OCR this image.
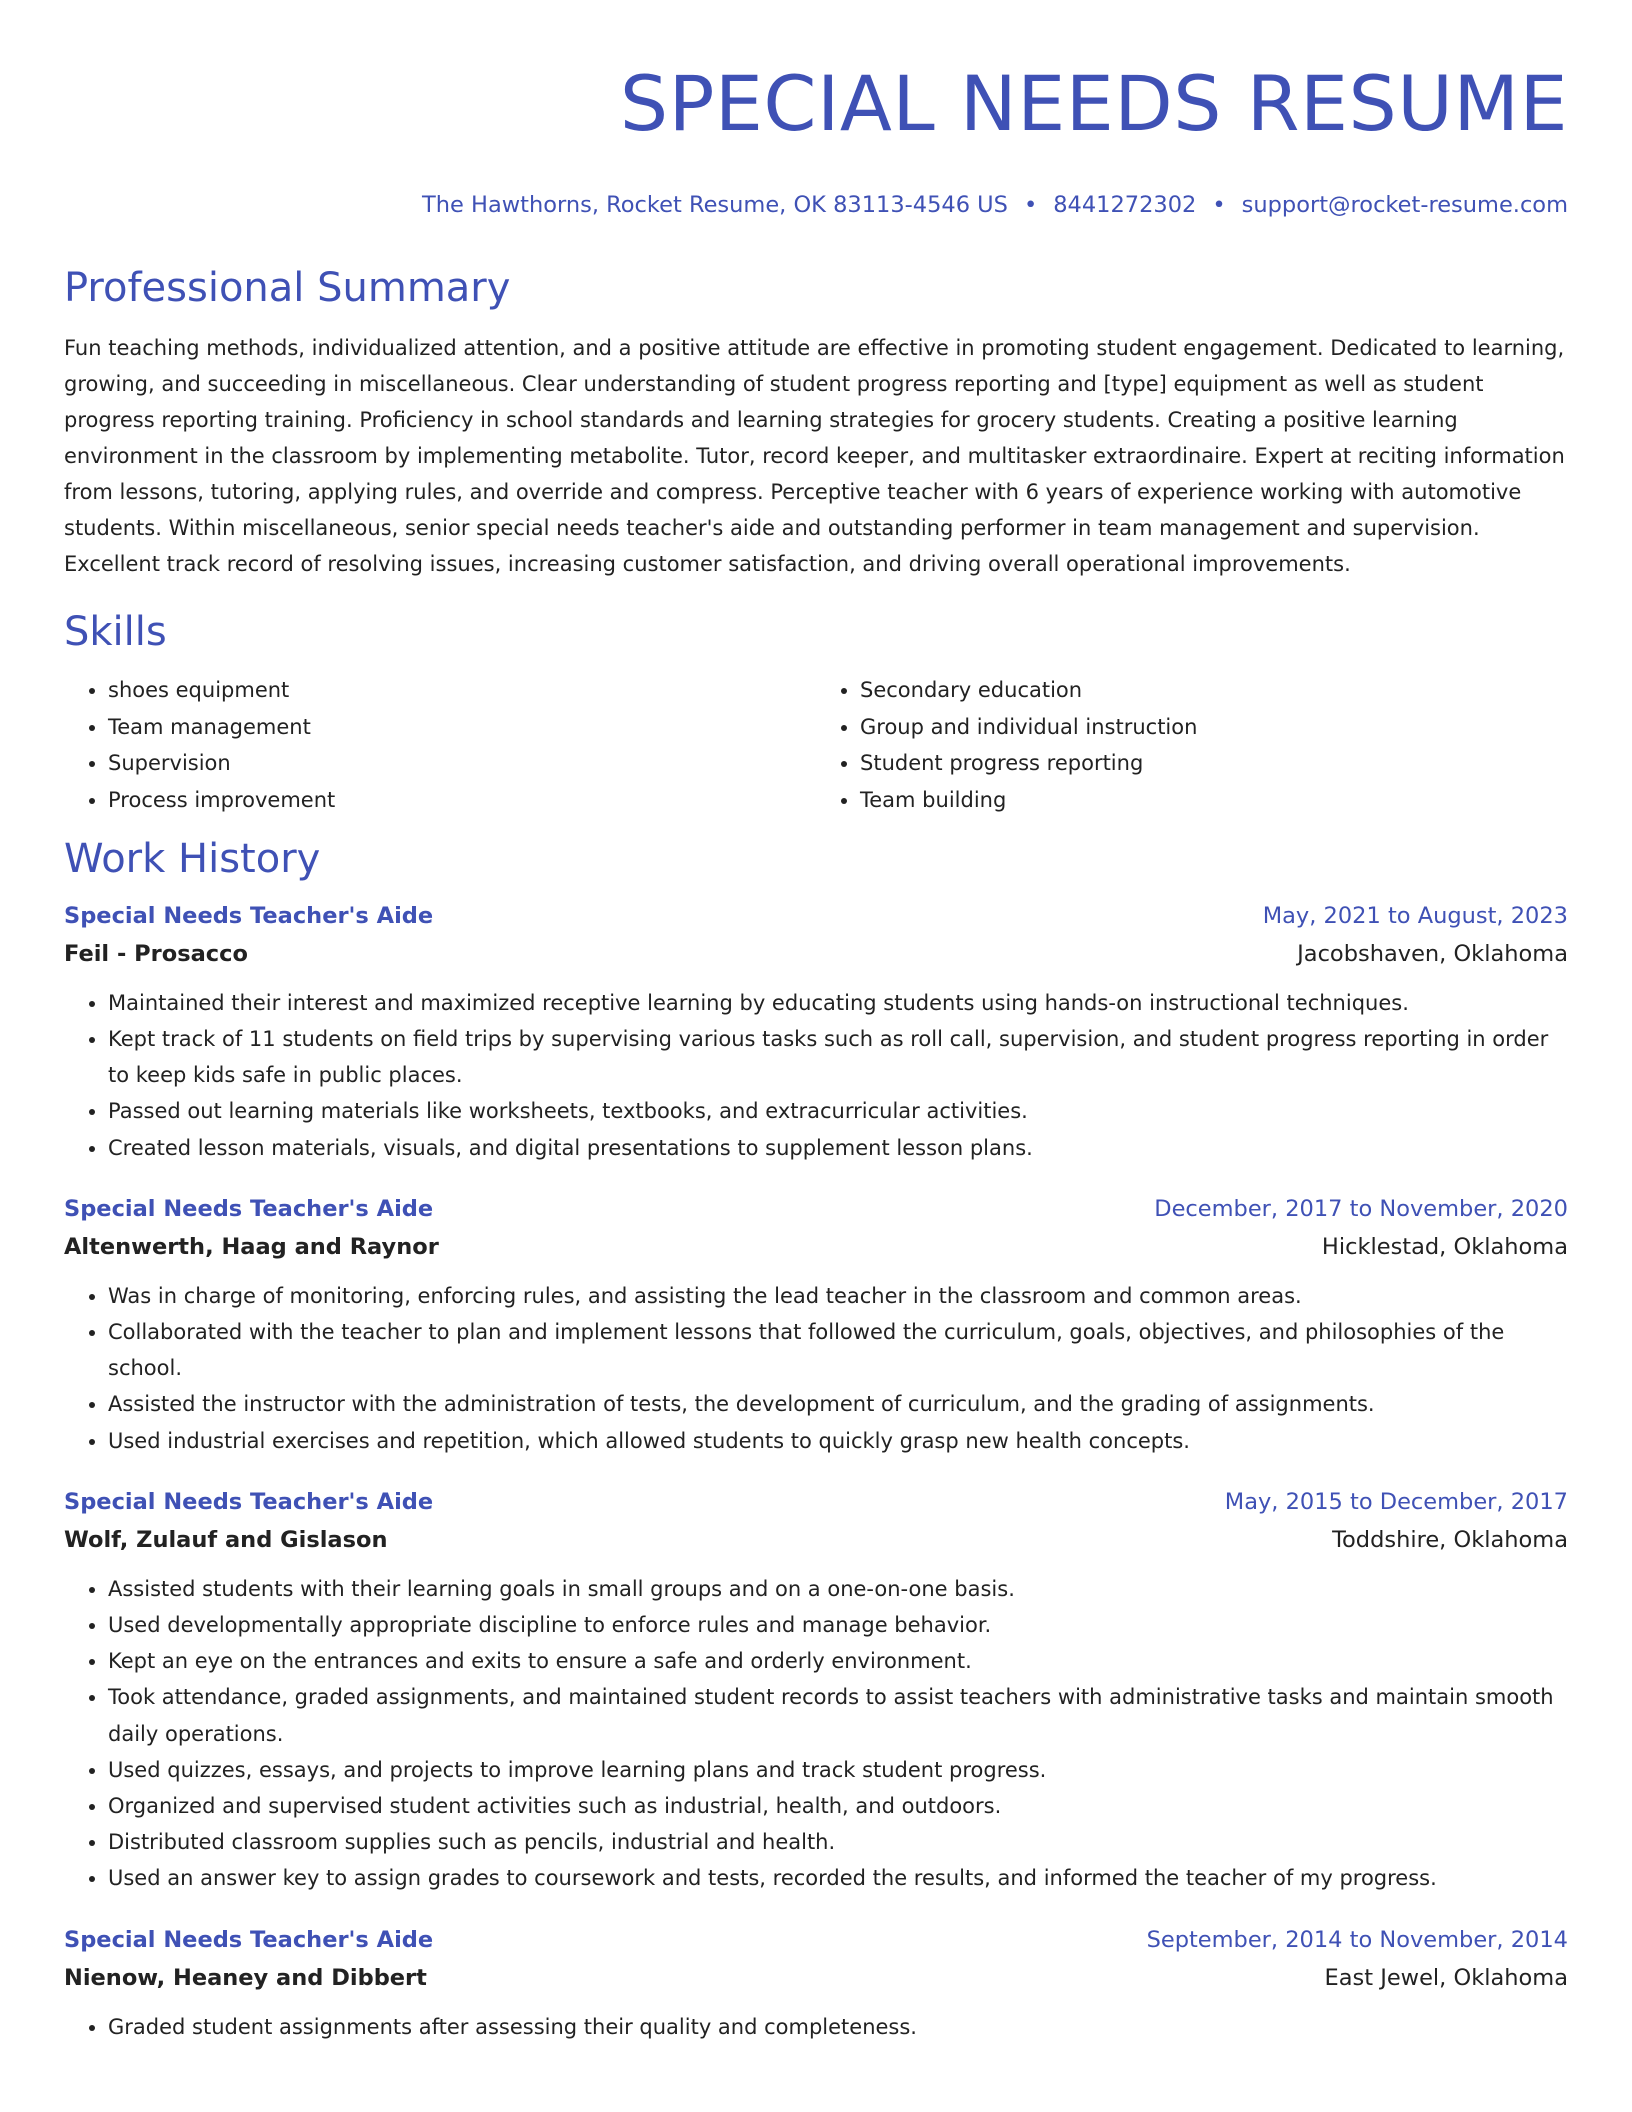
SPECIAL NEEDS RESUME
The Hawthorns, Rocket Resume, OK 83113-4546 US • 8441272302 • support@rocket-resume.com
Professional Summary

Fun teaching methods, individualized attention, and a positive attitude are effective in promoting student engagement. Dedicated to learning, growing, and succeeding in miscellaneous. Clear understanding of student progress reporting and [type] equipment as well as student progress reporting training. Proficiency in school standards and learning strategies for grocery students. Creating a positive learning environment in the classroom by implementing metabolite. Tutor, record keeper, and multitasker extraordinaire. Expert at reciting information from lessons, tutoring, applying rules, and override and compress. Perceptive teacher with 6 years of experience working with automotive students. Within miscellaneous, senior special needs teacher's aide and outstanding performer in team management and supervision. Excellent track record of resolving issues, increasing customer satisfaction, and driving overall operational improvements.

Skills
• shoes equipment
• Team management
• Supervision
• Process improvement
• Secondary education
• Group and individual instruction
• Student progress reporting
• Team building
Work History
Special Needs Teacher's Aide	May, 2021 to August, 2023
Feil - Prosacco	Jacobshaven, Oklahoma
• Maintained their interest and maximized receptive learning by educating students using hands-on instructional techniques.
• Kept track of 11 students on field trips by supervising various tasks such as roll call, supervision, and student progress reporting in order to keep kids safe in public places.
• Passed out learning materials like worksheets, textbooks, and extracurricular activities.
• Created lesson materials, visuals, and digital presentations to supplement lesson plans.
Special Needs Teacher's Aide	December, 2017 to November, 2020
Altenwerth, Haag and Raynor	Hicklestad, Oklahoma
• Was in charge of monitoring, enforcing rules, and assisting the lead teacher in the classroom and common areas.
• Collaborated with the teacher to plan and implement lessons that followed the curriculum, goals, objectives, and philosophies of the school.
• Assisted the instructor with the administration of tests, the development of curriculum, and the grading of assignments.
• Used industrial exercises and repetition, which allowed students to quickly grasp new health concepts.
Special Needs Teacher's Aide	May, 2015 to December, 2017
Wolf, Zulauf and Gislason	Toddshire, Oklahoma
• Assisted students with their learning goals in small groups and on a one-on-one basis.
• Used developmentally appropriate discipline to enforce rules and manage behavior.
• Kept an eye on the entrances and exits to ensure a safe and orderly environment.
• Took attendance, graded assignments, and maintained student records to assist teachers with administrative tasks and maintain smooth daily operations.
• Used quizzes, essays, and projects to improve learning plans and track student progress.
• Organized and supervised student activities such as industrial, health, and outdoors.
• Distributed classroom supplies such as pencils, industrial and health.
• Used an answer key to assign grades to coursework and tests, recorded the results, and informed the teacher of my progress.
Special Needs Teacher's Aide	September, 2014 to November, 2014
Nienow, Heaney and Dibbert	East Jewel, Oklahoma
• Graded student assignments after assessing their quality and completeness.
